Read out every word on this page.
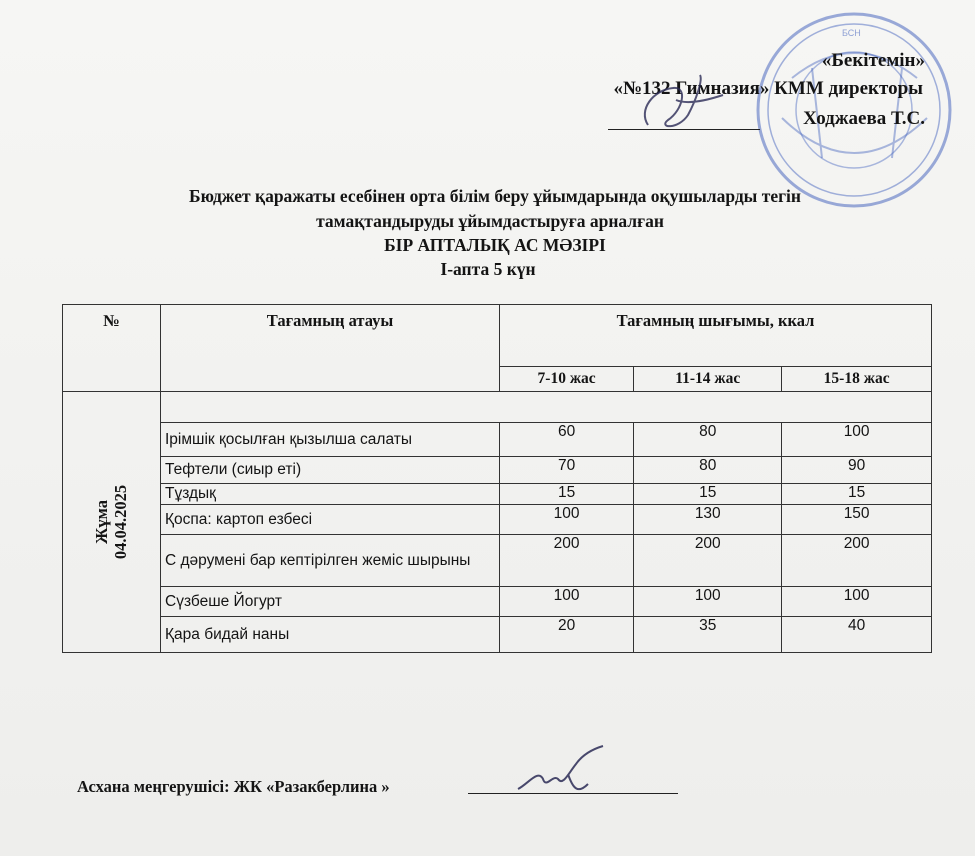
БСН
«Бекітемін»
«№132 Гимназия» КММ директоры
Ходжаева Т.С.
Бюджет қаражаты есебінен орта білім беру ұйымдарында оқушыларды тегін
тамақтандыруды ұйымдастыруға арналған
БІР АПТАЛЫҚ АС МӘЗІРІ
І-апта 5 күн
№	Тағамның атауы	Тағамның шығымы, ккал		
		7-10 жас	11-14 жас	15-18 жас
Жұма
04.04.2025				
	Ірімшік қосылған қызылша салаты	60	80	100
	Тефтели (сиыр еті)	70	80	90
	Тұздық	15	15	15
	Қоспа: картоп езбесі	100	130	150
	С дәрумені бар кептірілген жеміс шырыны	200	200	200
	Сүзбеше Йогурт	100	100	100
	Қара бидай наны	20	35	40
Асхана меңгерушісі: ЖК «Разакберлина »
